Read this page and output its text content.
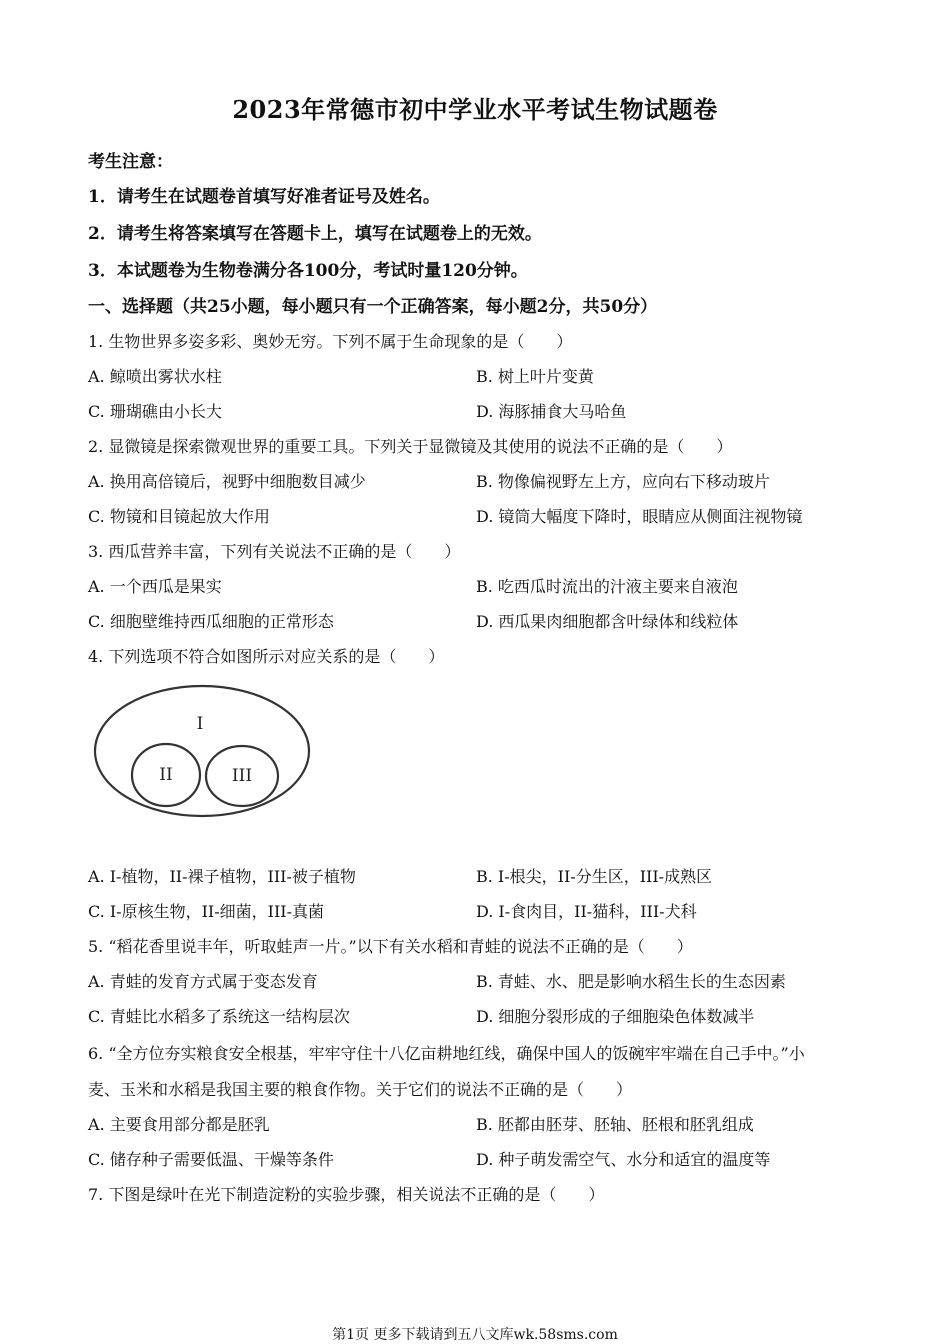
2023年常德市初中学业水平考试生物试题卷
考生注意：
1．请考生在试题卷首填写好准者证号及姓名。
2．请考生将答案填写在答题卡上，填写在试题卷上的无效。
3．本试题卷为生物卷满分各100分，考试时量120分钟。
一、选择题（共25小题，每小题只有一个正确答案，每小题2分，共50分）
1. 生物世界多姿多彩、奥妙无穷。下列不属于生命现象的是（　　）
A. 鲸喷出雾状水柱	B. 树上叶片变黄
C. 珊瑚礁由小长大	D. 海豚捕食大马哈鱼
2. 显微镜是探索微观世界的重要工具。下列关于显微镜及其使用的说法不正确的是（　　）
A. 换用高倍镜后，视野中细胞数目减少	B. 物像偏视野左上方，应向右下移动玻片
C. 物镜和目镜起放大作用	D. 镜筒大幅度下降时，眼睛应从侧面注视物镜
3. 西瓜营养丰富，下列有关说法不正确的是（　　）
A. 一个西瓜是果实	B. 吃西瓜时流出的汁液主要来自液泡
C. 细胞壁维持西瓜细胞的正常形态	D. 西瓜果肉细胞都含叶绿体和线粒体
4. 下列选项不符合如图所示对应关系的是（　　）
I
II	III
A. I-植物，II-裸子植物，III-被子植物	B. I-根尖，II-分生区，III-成熟区
C. I-原核生物，II-细菌，III-真菌	D. I-食肉目，II-猫科，III-犬科
5. “稻花香里说丰年，听取蛙声一片。”以下有关水稻和青蛙的说法不正确的是（　　）
A. 青蛙的发育方式属于变态发育	B. 青蛙、水、肥是影响水稻生长的生态因素
C. 青蛙比水稻多了系统这一结构层次	D. 细胞分裂形成的子细胞染色体数减半
6. “全方位夯实粮食安全根基，牢牢守住十八亿亩耕地红线，确保中国人的饭碗牢牢端在自己手中。”小
麦、玉米和水稻是我国主要的粮食作物。关于它们的说法不正确的是（　　）
A. 主要食用部分都是胚乳	B. 胚都由胚芽、胚轴、胚根和胚乳组成
C. 储存种子需要低温、干燥等条件	D. 种子萌发需空气、水分和适宜的温度等
7. 下图是绿叶在光下制造淀粉的实验步骤，相关说法不正确的是（　　）
第1页 更多下载请到五八文库wk.58sms.com
